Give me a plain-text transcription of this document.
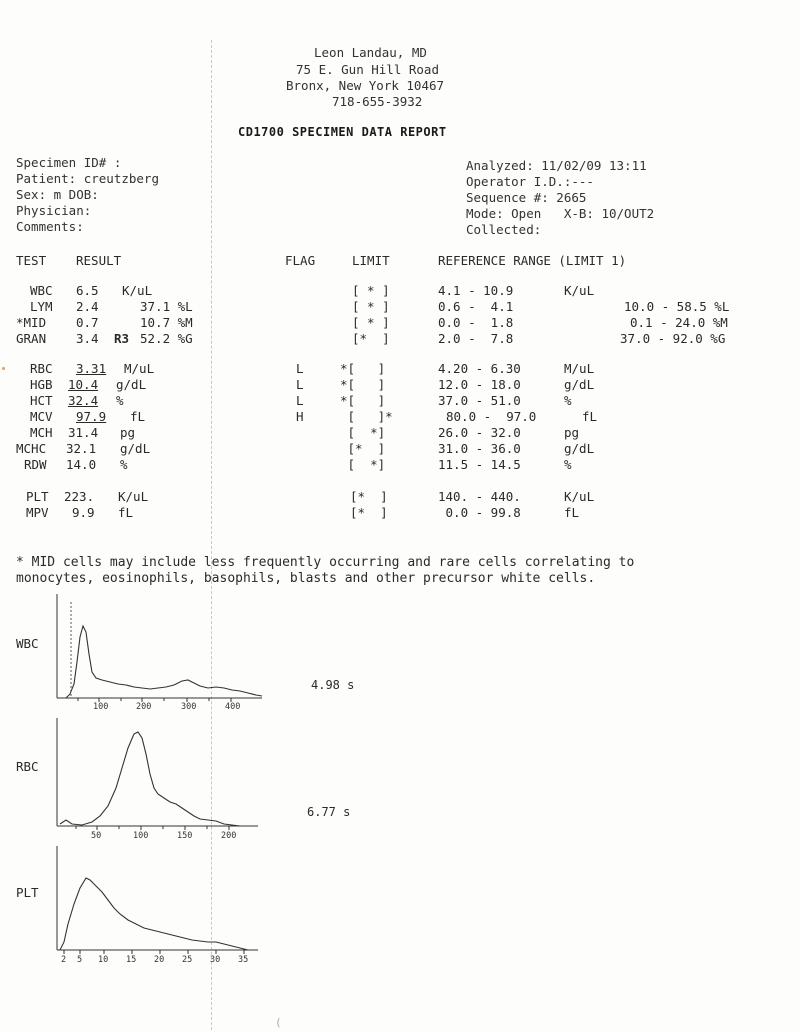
Leon Landau, MD
75 E. Gun Hill Road
Bronx, New York 10467
718-655-3932
CD1700 SPECIMEN DATA REPORT
Specimen ID# :
Patient: creutzberg
Sex: m DOB:
Physician:
Comments:
Analyzed: 11/02/09 13:11
Operator I.D.:---
Sequence #: 2665
Mode: Open   X-B: 10/OUT2
Collected:
TEST RESULT	FLAG	LIMIT	REFERENCE RANGE (LIMIT 1)
WBC 6.5 K/uL	[ * ]	4.1 - 10.9	K/uL
LYM 2.4	37.1 %L	[ * ]	0.6 -  4.1	10.0 - 58.5 %L
*MID 0.7	10.7 %M	[ * ]	0.0 -  1.8	0.1 - 24.0 %M
GRAN 3.4 R3 52.2 %G	[*  ]	2.0 -  7.8	37.0 - 92.0 %G
RBC 3.31 M/uL	L	*[   ]	4.20 - 6.30	M/uL
HGB 10.4 g/dL	L	*[   ]	12.0 - 18.0	g/dL
HCT 32.4 %	L	*[   ]	37.0 - 51.0	%
MCV 97.9 fL	H	[   ]*	80.0 -  97.0	fL
MCH 31.4 pg	[  *]	26.0 - 32.0	pg
MCHC 32.1 g/dL	[*  ]	31.0 - 36.0	g/dL
RDW 14.0 %	[  *]	11.5 - 14.5	%
PLT 223. K/uL	[*  ]	140. - 440.	K/uL
MPV 9.9 fL	[*  ]	0.0 - 99.8	fL
* MID cells may include less frequently occurring and rare cells correlating to
monocytes, eosinophils, basophils, blasts and other precursor white cells.
WBC
100	200	300	400
4.98 s
RBC
50	100	150	200
6.77 s
PLT
2 5 10 15 20 25 30 35
(
